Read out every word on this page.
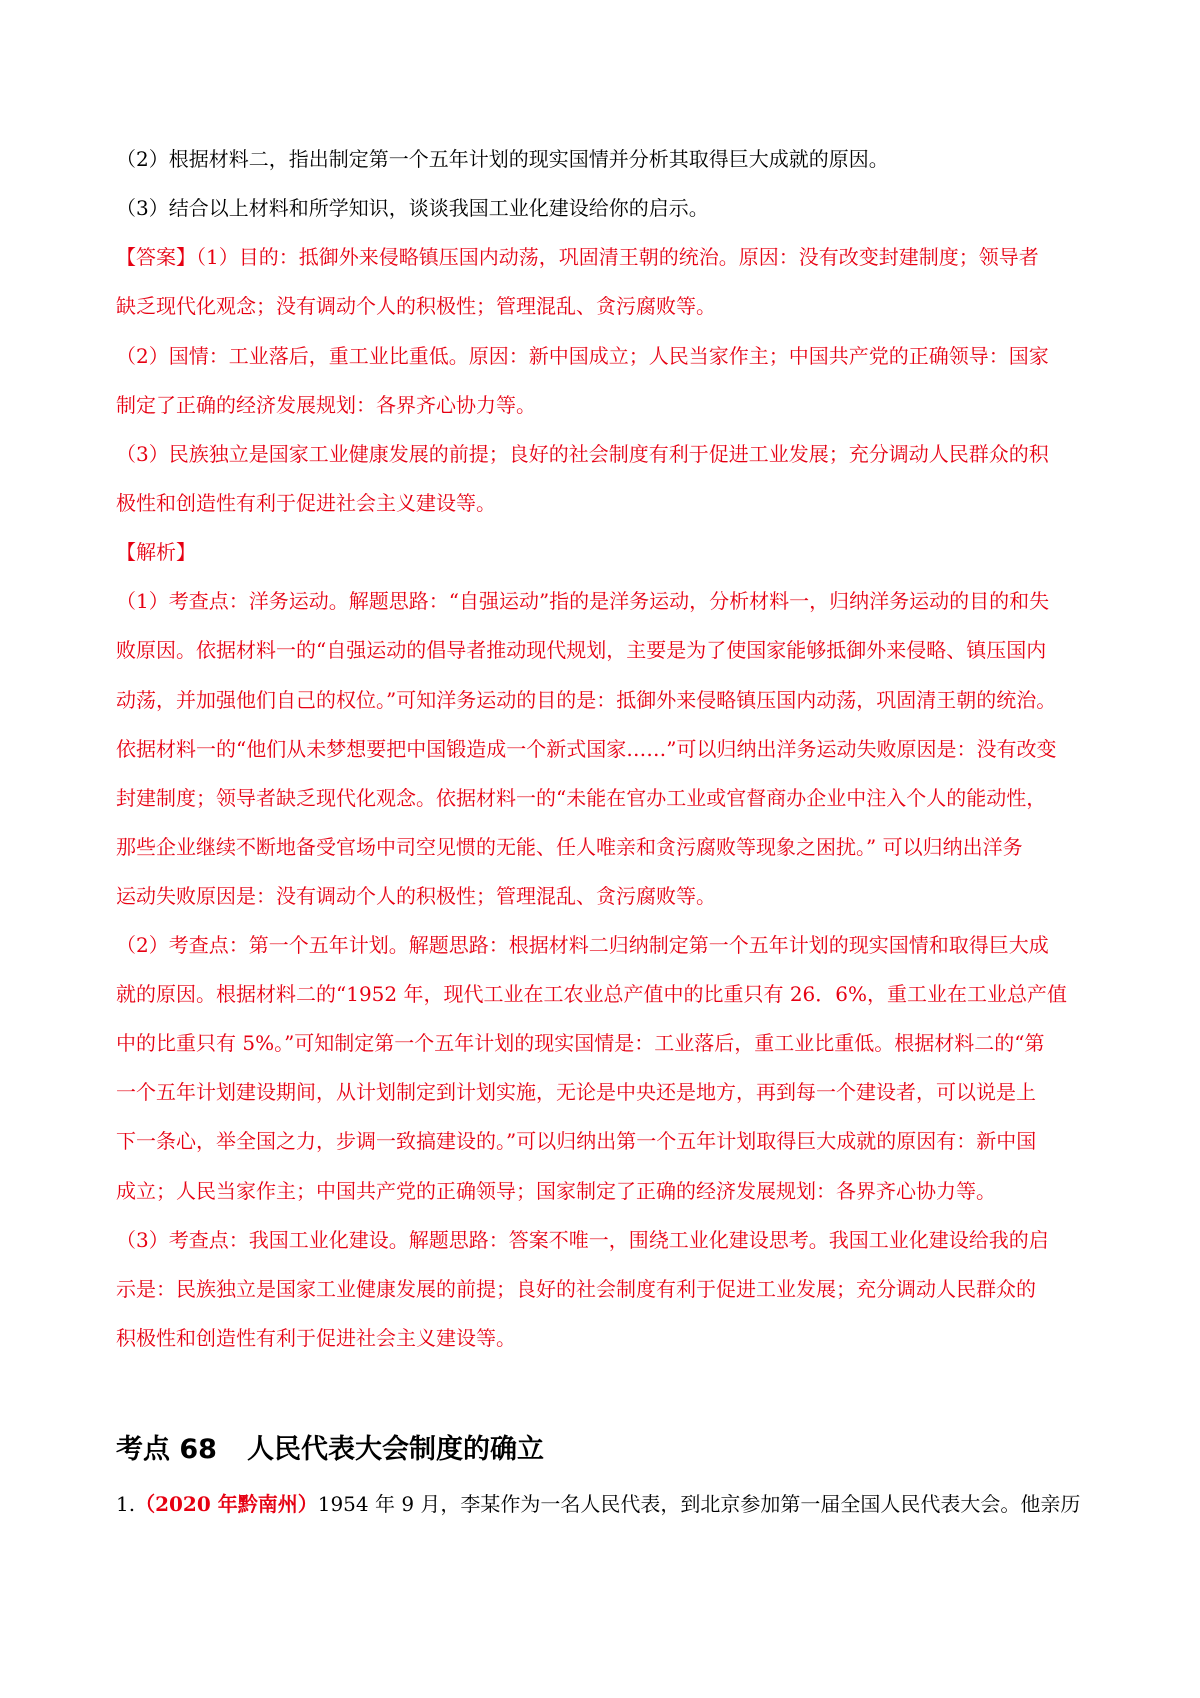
（2）根据材料二，指出制定第一个五年计划的现实国情并分析其取得巨大成就的原因。
（3）结合以上材料和所学知识，谈谈我国工业化建设给你的启示。
【答案】（1）目的：抵御外来侵略镇压国内动荡，巩固清王朝的统治。原因：没有改变封建制度；领导者
缺乏现代化观念；没有调动个人的积极性；管理混乱、贪污腐败等。
（2）国情：工业落后，重工业比重低。原因：新中国成立；人民当家作主；中国共产党的正确领导：国家
制定了正确的经济发展规划：各界齐心协力等。
（3）民族独立是国家工业健康发展的前提；良好的社会制度有利于促进工业发展；充分调动人民群众的积
极性和创造性有利于促进社会主义建设等。
【解析】
（1）考查点：洋务运动。解题思路：“自强运动”指的是洋务运动，分析材料一，归纳洋务运动的目的和失
败原因。依据材料一的“自强运动的倡导者推动现代规划，主要是为了使国家能够抵御外来侵略、镇压国内
动荡，并加强他们自己的权位。”可知洋务运动的目的是：抵御外来侵略镇压国内动荡，巩固清王朝的统治。
依据材料一的“他们从未梦想要把中国锻造成一个新式国家……”可以归纳出洋务运动失败原因是：没有改变
封建制度；领导者缺乏现代化观念。依据材料一的“未能在官办工业或官督商办企业中注入个人的能动性，
那些企业继续不断地备受官场中司空见惯的无能、任人唯亲和贪污腐败等现象之困扰。” 可以归纳出洋务
运动失败原因是：没有调动个人的积极性；管理混乱、贪污腐败等。
（2）考查点：第一个五年计划。解题思路：根据材料二归纳制定第一个五年计划的现实国情和取得巨大成
就的原因。根据材料二的“1952 年，现代工业在工农业总产值中的比重只有 26．6%，重工业在工业总产值
中的比重只有 5%。”可知制定第一个五年计划的现实国情是：工业落后，重工业比重低。根据材料二的“第
一个五年计划建设期间，从计划制定到计划实施，无论是中央还是地方，再到每一个建设者，可以说是上
下一条心，举全国之力，步调一致搞建设的。”可以归纳出第一个五年计划取得巨大成就的原因有：新中国
成立；人民当家作主；中国共产党的正确领导；国家制定了正确的经济发展规划：各界齐心协力等。
（3）考查点：我国工业化建设。解题思路：答案不唯一，围绕工业化建设思考。我国工业化建设给我的启
示是：民族独立是国家工业健康发展的前提；良好的社会制度有利于促进工业发展；充分调动人民群众的
积极性和创造性有利于促进社会主义建设等。
考点 68 人民代表大会制度的确立
1.（2020 年黔南州）1954 年 9 月，李某作为一名人民代表，到北京参加第一届全国人民代表大会。他亲历
